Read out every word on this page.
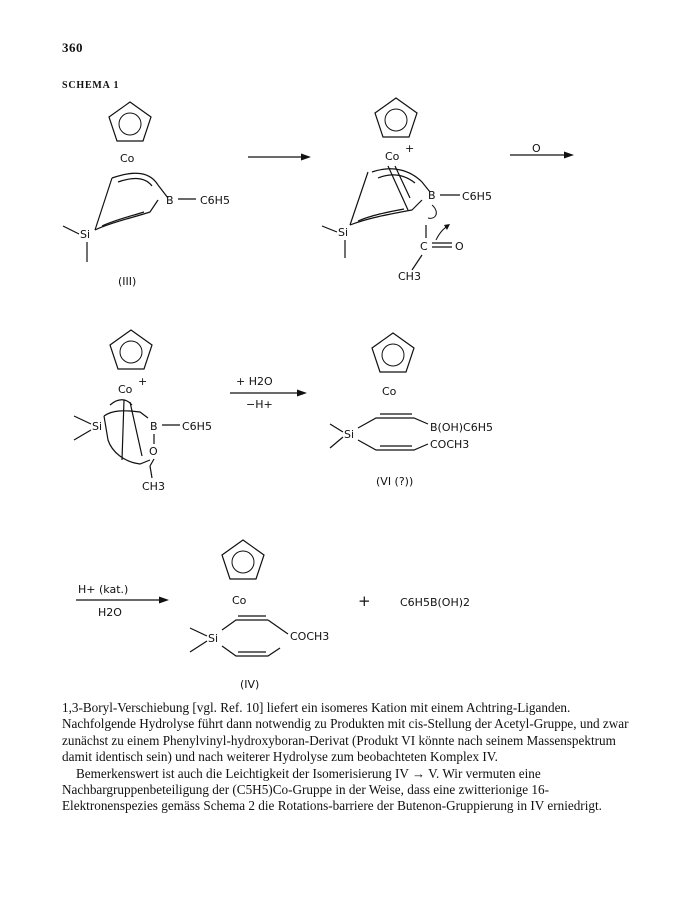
360
SCHEMA 1
Co
B C6H5
Si
(III)
Co
+
B C6H5
C O
CH3
Si
O
Co
+
Si	B C6H5
O
CH3
+ H2O
−H+
Co
Si
B(OH)C6H5
COCH3
(VI (?))
H+ (kat.)
H2O
Co
Si	COCH3
(IV)
+	C6H5B(OH)2

1,3-Boryl-Verschiebung [vgl. Ref. 10] liefert ein isomeres Kation mit einem Achtring-Liganden. Nachfolgende Hydrolyse führt dann notwendig zu Produkten mit cis-Stellung der Acetyl-Gruppe, und zwar zunächst zu einem Phenylvinyl-hydroxyboran-Derivat (Produkt VI könnte nach seinem Massenspektrum damit identisch sein) und nach weiterer Hydrolyse zum beobachteten Komplex IV.

Bemerkenswert ist auch die Leichtigkeit der Isomerisierung IV → V. Wir vermuten eine Nachbargruppenbeteiligung der (C5H5)Co-Gruppe in der Weise, dass eine zwitterionige 16-Elektronenspezies gemäss Schema 2 die Rotations-barriere der Butenon-Gruppierung in IV erniedrigt.
